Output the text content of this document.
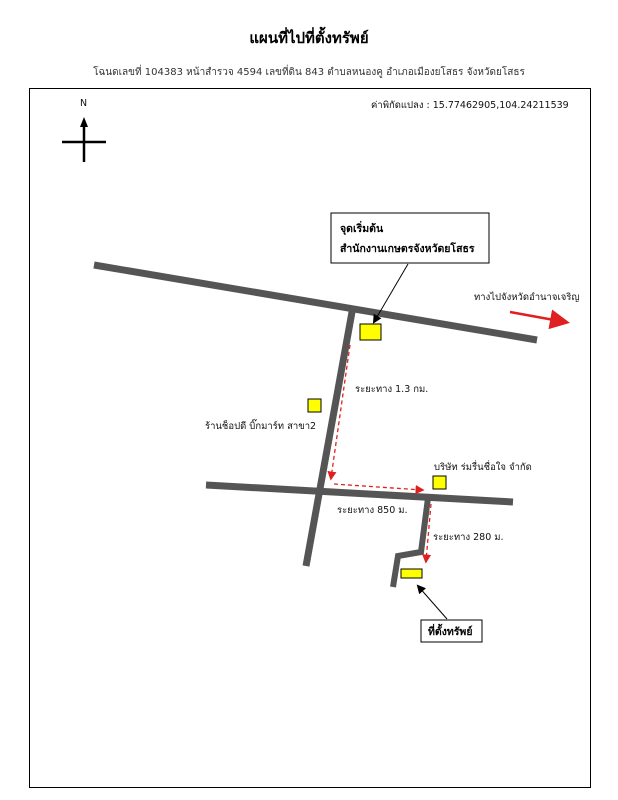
แผนที่ไปที่ตั้งทรัพย์
โฉนดเลขที่ 104383 หน้าสำรวจ 4594 เลขที่ดิน 843 ตำบลหนองคู อำเภอเมืองยโสธร จังหวัดยโสธร
N	ค่าพิกัดแปลง : 15.77462905,104.24211539
ทางไปจังหวัดอำนาจเจริญ
จุดเริ่มต้น
สำนักงานเกษตรจังหวัดยโสธร
ร้านช็อปดี บิ๊กมาร์ท สาขา2
บริษัท ร่มรื่นชื่อใจ จำกัด
ระยะทาง 1.3 กม.
ระยะทาง 850 ม.
ระยะทาง 280 ม.
ที่ตั้งทรัพย์
